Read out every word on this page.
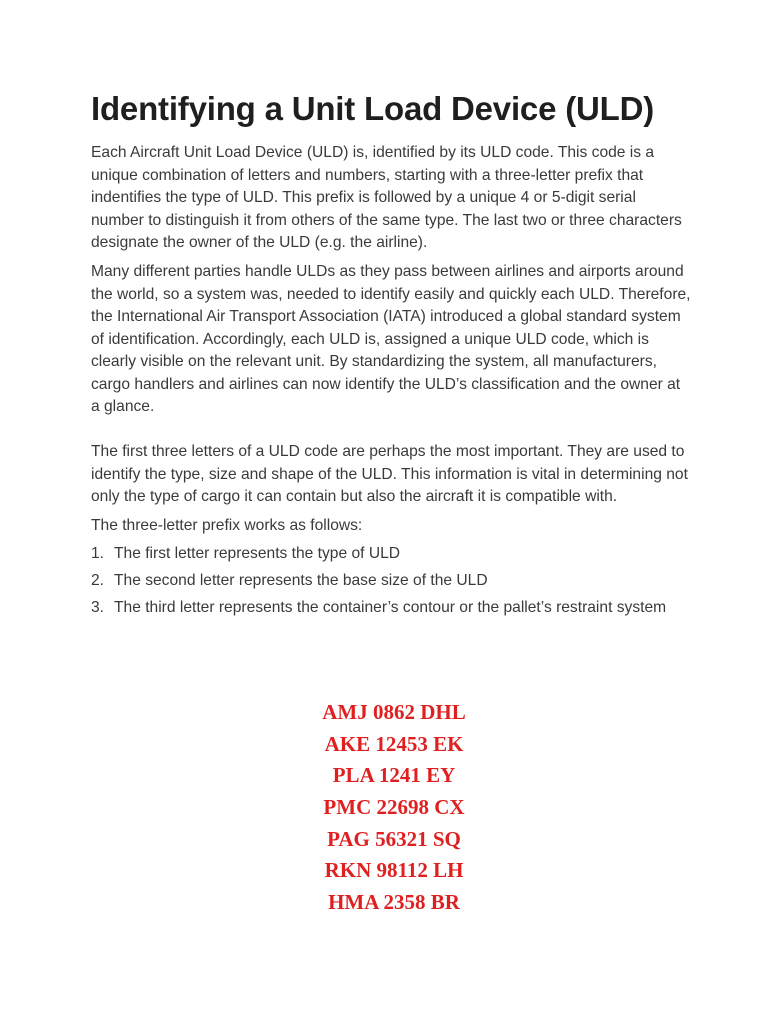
Identifying a Unit Load Device (ULD)

Each Aircraft Unit Load Device (ULD) is, identified by its ULD code. This code is a unique combination of letters and numbers, starting with a three-letter prefix that indentifies the type of ULD. This prefix is followed by a unique 4 or 5-digit serial number to distinguish it from others of the same type. The last two or three characters designate the owner of the ULD (e.g. the airline).

Many different parties handle ULDs as they pass between airlines and airports around the world, so a system was, needed to identify easily and quickly each ULD. Therefore, the International Air Transport Association (IATA) introduced a global standard system of identification. Accordingly, each ULD is, assigned a unique ULD code, which is clearly visible on the relevant unit. By standardizing the system, all manufacturers, cargo handlers and airlines can now identify the ULD’s classification and the owner at a glance.

The first three letters of a ULD code are perhaps the most important. They are used to identify the type, size and shape of the ULD. This information is vital in determining not only the type of cargo it can contain but also the aircraft it is compatible with.

The three-letter prefix works as follows:

1. The first letter represents the type of ULD
2. The second letter represents the base size of the ULD
3. The third letter represents the container’s contour or the pallet’s restraint system
AMJ 0862 DHL
AKE 12453 EK
PLA 1241 EY
PMC 22698 CX
PAG 56321 SQ
RKN 98112 LH
HMA 2358 BR
